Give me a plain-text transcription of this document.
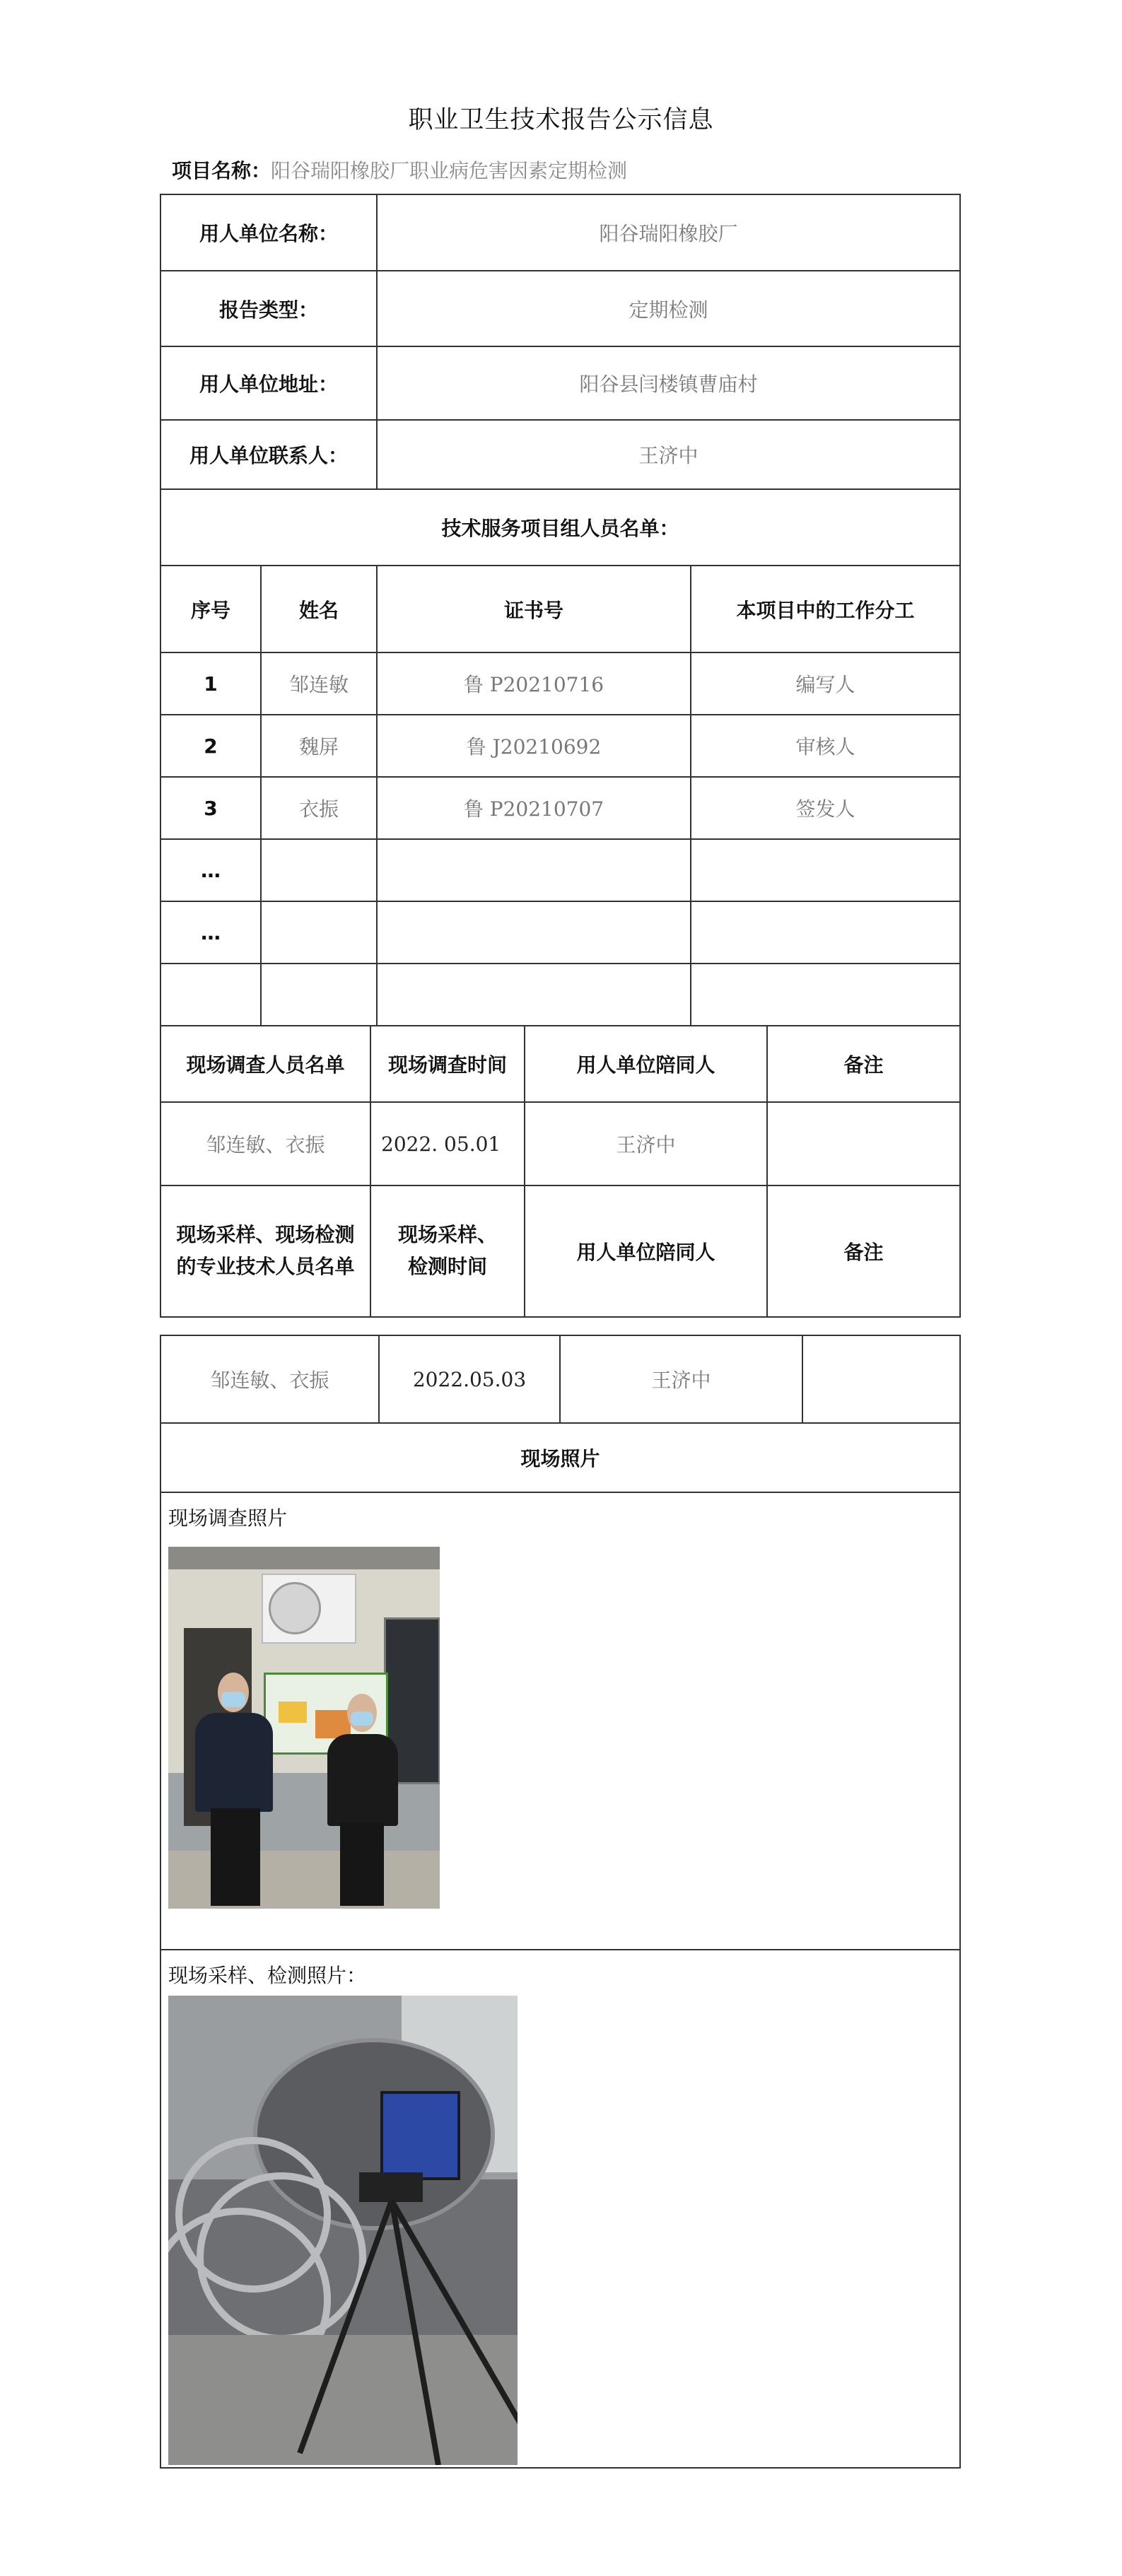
职业卫生技术报告公示信息
项目名称：阳谷瑞阳橡胶厂职业病危害因素定期检测
用人单位名称：			阳谷瑞阳橡胶厂			
报告类型：			定期检测			
用人单位地址：			阳谷县闫楼镇曹庙村			
用人单位联系人：			王济中			
技术服务项目组人员名单：						
序号	姓名		证书号		本项目中的工作分工	
1	邹连敏		鲁 P20210716		编写人	
2	魏屏		鲁 J20210692		审核人	
3	衣振		鲁 P20210707		签发人	
…						
…						

现场调查人员名单		现场调查时间		用人单位陪同人		备注
邹连敏、衣振		2022. 05.01		王济中		
现场采样、现场检测的专业技术人员名单		现场采样、检测时间		用人单位陪同人		备注
邹连敏、衣振	2022.05.03	王济中	
现场照片

现场调查照片

现场采样、检测照片：
